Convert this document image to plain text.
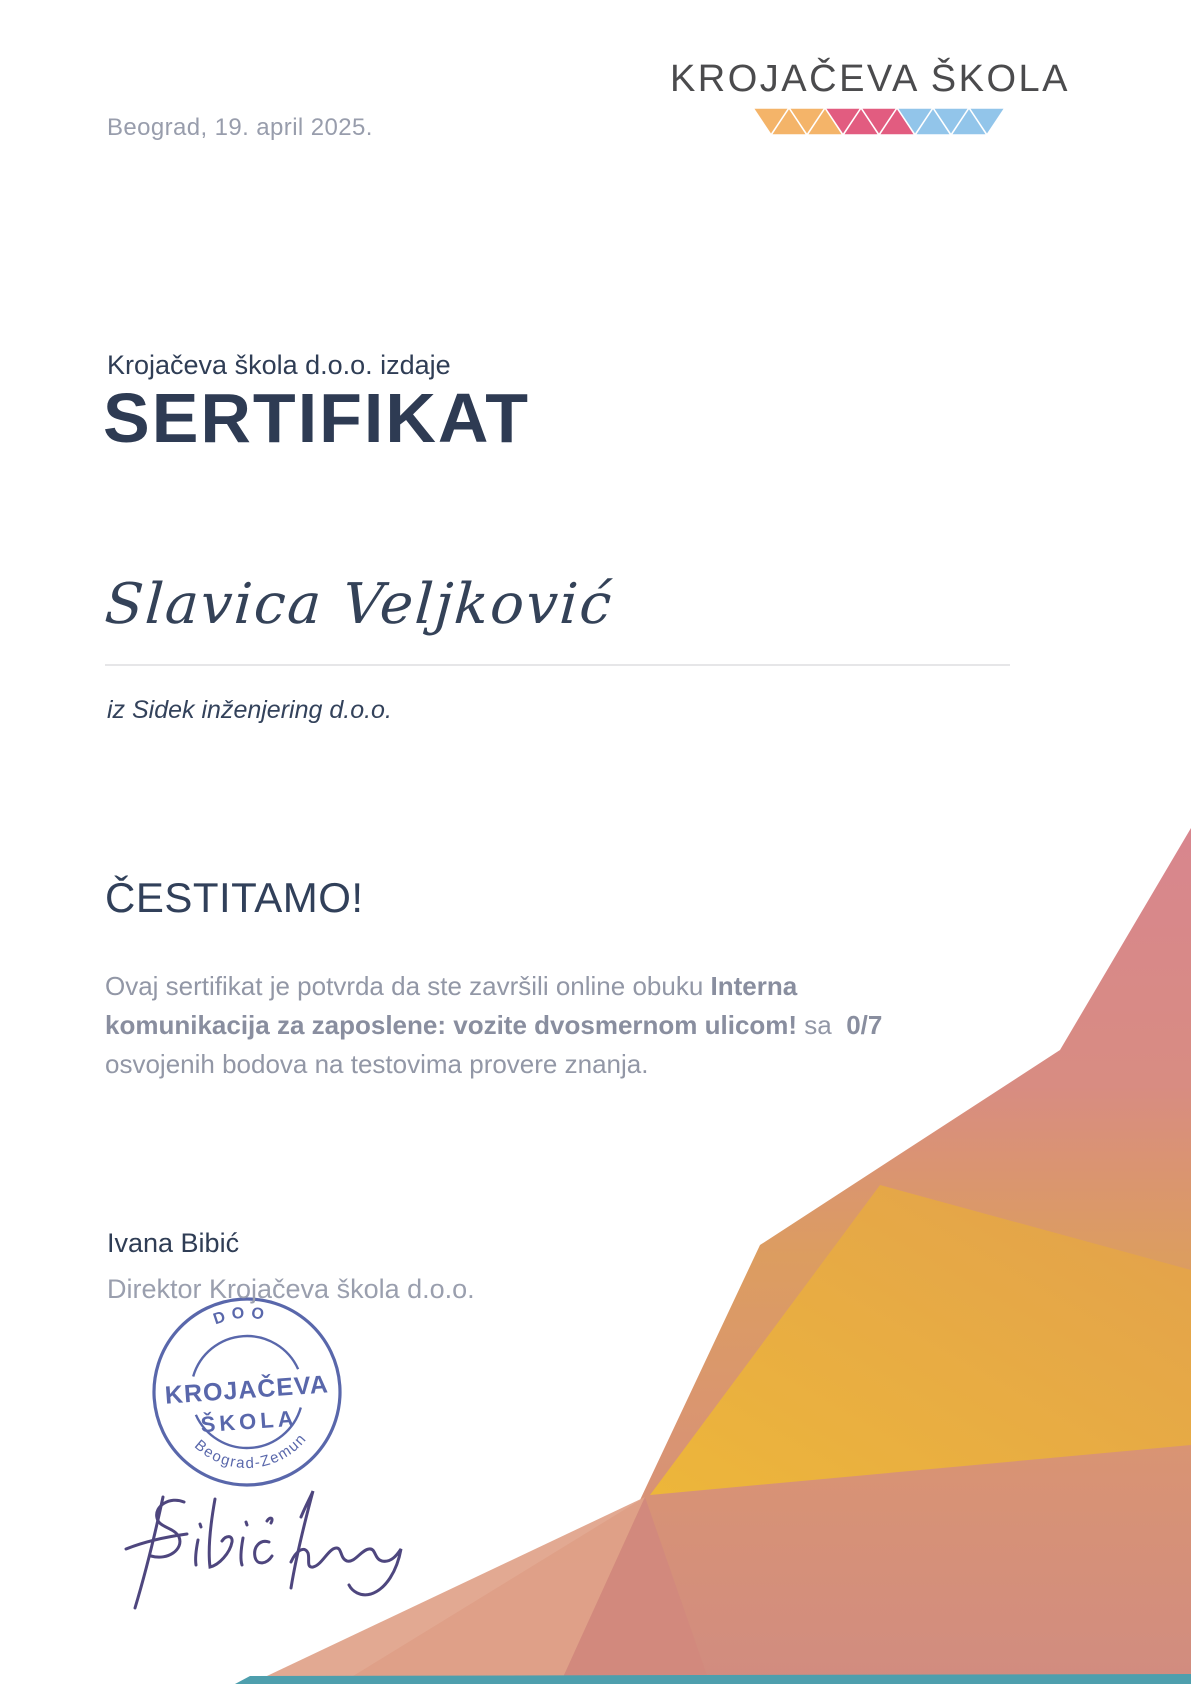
DOO
KROJAČEVA
ŠKOLA
Beograd-Zemun
Beograd, 19. april 2025.
KROJAČEVA ŠKOLA
Krojačeva škola d.o.o. izdaje
SERTIFIKAT
Slavica Veljković
iz Sidek inženjering d.o.o.
ČESTITAMO!

Ovaj sertifikat je potvrda da ste završili online obuku Interna komunikacija za zaposlene: vozite dvosmernom ulicom! sa  0/7 osvojenih bodova na testovima provere znanja.

Ivana Bibić
Direktor Krojačeva škola d.o.o.
